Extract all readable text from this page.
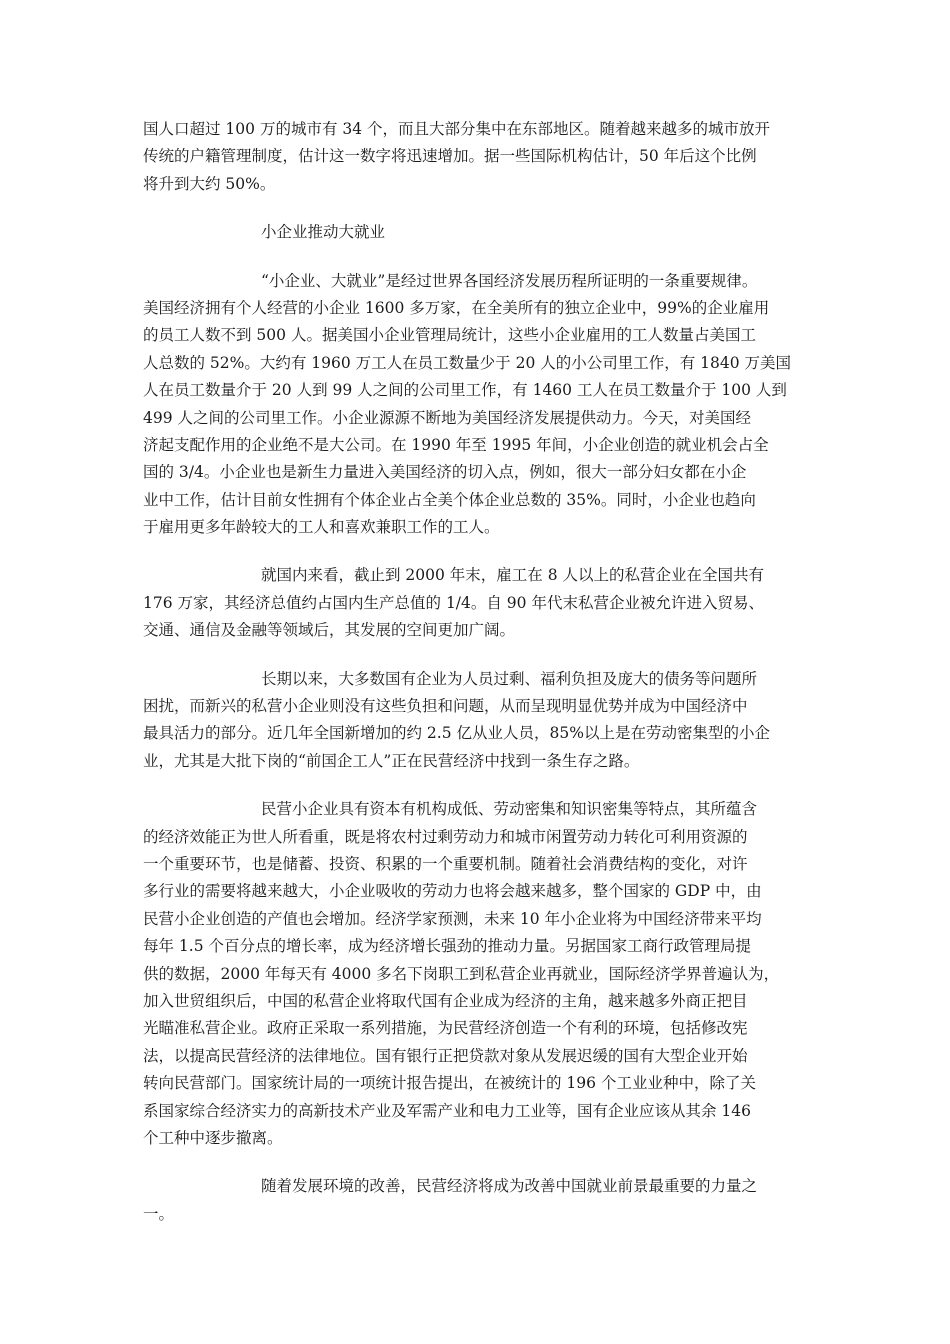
国人口超过 100 万的城市有 34 个，而且大部分集中在东部地区。随着越来越多的城市放开
传统的户籍管理制度，估计这一数字将迅速增加。据一些国际机构估计，50 年后这个比例
将升到大约 50%。
小企业推动大就业
“小企业、大就业”是经过世界各国经济发展历程所证明的一条重要规律。
美国经济拥有个人经营的小企业 1600 多万家，在全美所有的独立企业中，99%的企业雇用
的员工人数不到 500 人。据美国小企业管理局统计，这些小企业雇用的工人数量占美国工
人总数的 52%。大约有 1960 万工人在员工数量少于 20 人的小公司里工作，有 1840 万美国
人在员工数量介于 20 人到 99 人之间的公司里工作，有 1460 工人在员工数量介于 100 人到
499 人之间的公司里工作。小企业源源不断地为美国经济发展提供动力。今天，对美国经
济起支配作用的企业绝不是大公司。在 1990 年至 1995 年间，小企业创造的就业机会占全
国的 3/4。小企业也是新生力量进入美国经济的切入点，例如，很大一部分妇女都在小企
业中工作，估计目前女性拥有个体企业占全美个体企业总数的 35%。同时，小企业也趋向
于雇用更多年龄较大的工人和喜欢兼职工作的工人。
就国内来看，截止到 2000 年末，雇工在 8 人以上的私营企业在全国共有
176 万家，其经济总值约占国内生产总值的 1/4。自 90 年代末私营企业被允许进入贸易、
交通、通信及金融等领域后，其发展的空间更加广阔。
长期以来，大多数国有企业为人员过剩、福利负担及庞大的债务等问题所
困扰，而新兴的私营小企业则没有这些负担和问题，从而呈现明显优势并成为中国经济中
最具活力的部分。近几年全国新增加的约 2.5 亿从业人员，85%以上是在劳动密集型的小企
业，尤其是大批下岗的“前国企工人”正在民营经济中找到一条生存之路。
民营小企业具有资本有机构成低、劳动密集和知识密集等特点，其所蕴含
的经济效能正为世人所看重，既是将农村过剩劳动力和城市闲置劳动力转化可利用资源的
一个重要环节，也是储蓄、投资、积累的一个重要机制。随着社会消费结构的变化，对许
多行业的需要将越来越大，小企业吸收的劳动力也将会越来越多，整个国家的 GDP 中，由
民营小企业创造的产值也会增加。经济学家预测，未来 10 年小企业将为中国经济带来平均
每年 1.5 个百分点的增长率，成为经济增长强劲的推动力量。另据国家工商行政管理局提
供的数据，2000 年每天有 4000 多名下岗职工到私营企业再就业，国际经济学界普遍认为，
加入世贸组织后，中国的私营企业将取代国有企业成为经济的主角，越来越多外商正把目
光瞄准私营企业。政府正采取一系列措施，为民营经济创造一个有利的环境，包括修改宪
法，以提高民营经济的法律地位。国有银行正把贷款对象从发展迟缓的国有大型企业开始
转向民营部门。国家统计局的一项统计报告提出，在被统计的 196 个工业业种中，除了关
系国家综合经济实力的高新技术产业及军需产业和电力工业等，国有企业应该从其余 146
个工种中逐步撤离。
随着发展环境的改善，民营经济将成为改善中国就业前景最重要的力量之
一。
